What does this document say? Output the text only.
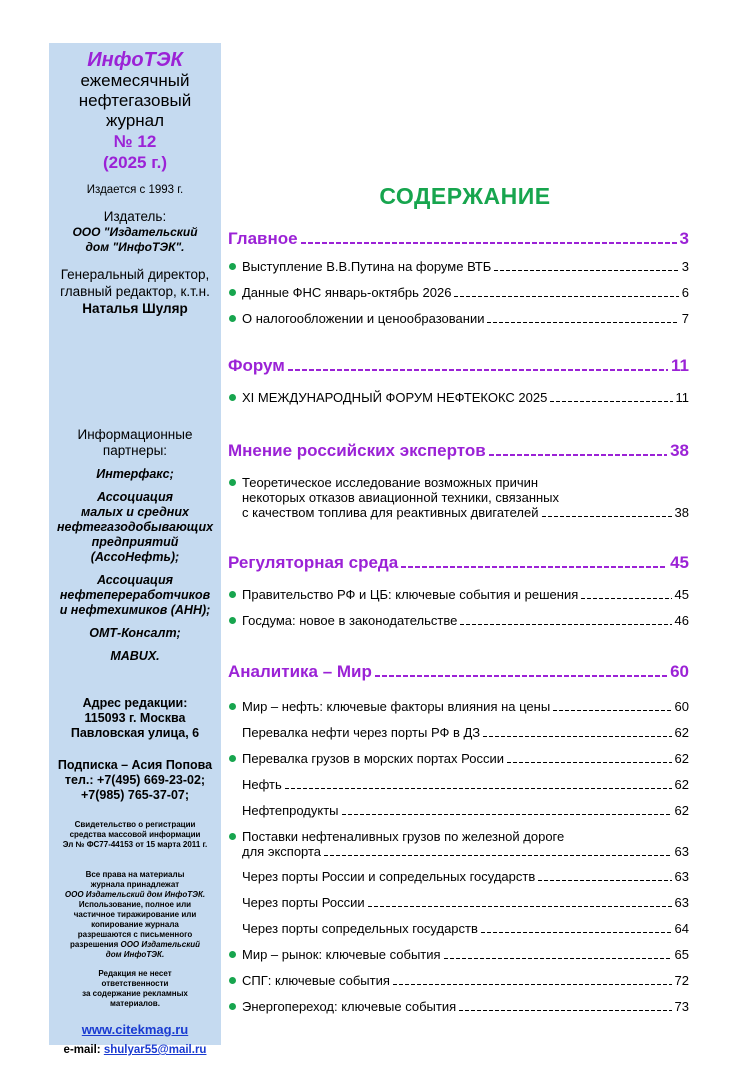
ИнфоТЭК
ежемесячный
нефтегазовый
журнал
№ 12
(2025 г.)
Издается с 1993 г.
Издатель:
ООО "Издательский
дом "ИнфоТЭК".
Генеральный директор,
главный редактор, к.т.н.
Наталья Шуляр
Информационные
партнеры:
Интерфакс;
Ассоциация
малых и средних
нефтегазодобывающих
предприятий
(АссоНефть);
Ассоциация
нефтепереработчиков
и нефтехимиков (АНН);
ОМТ-Консалт;
MABUX.
Адрес редакции:
115093 г. Москва
Павловская улица, 6
Подписка – Асия Попова
тел.: +7(495) 669-23-02;
+7(985) 765-37-07;
Свидетельство о регистрации
средства массовой информации
Эл № ФС77-44153 от 15 марта 2011 г.
Все права на материалы
журнала принадлежат
ООО Издательский дом ИнфоТЭК.
Использование, полное или
частичное тиражирование или
копирование журнала
разрешаются с письменного
разрешения ООО Издательский
дом ИнфоТЭК.
Редакция не несет
ответственности
за содержание рекламных
материалов.
www.citekmag.ru
e-mail: shulyar55@mail.ru
СОДЕРЖАНИЕ
Главное	3
Выступление В.В.Путина на форуме ВТБ	3
Данные ФНС январь-октябрь 2026	6
О налогообложении и ценообразовании	7
Форум	11
XI МЕЖДУНАРОДНЫЙ ФОРУМ НЕФТЕКОКС 2025	11
Мнение российских экспертов	38
Теоретическое исследование возможных причин
некоторых отказов авиационной техники, связанных
с качеством топлива для реактивных двигателей	38
Регуляторная среда	45
Правительство РФ и ЦБ: ключевые события и решения	45
Госдума: новое в законодательстве	46
Аналитика – Мир	60
Мир – нефть: ключевые факторы влияния на цены	60
Перевалка нефти через порты РФ в ДЗ	62
Перевалка грузов в морских портах России	62
Нефть	62
Нефтепродукты	62
Поставки нефтеналивных грузов по железной дороге
для экспорта	63
Через порты России и сопредельных государств	63
Через порты России	63
Через порты сопредельных государств	64
Мир – рынок: ключевые события	65
СПГ: ключевые события	72
Энергопереход: ключевые события	73
